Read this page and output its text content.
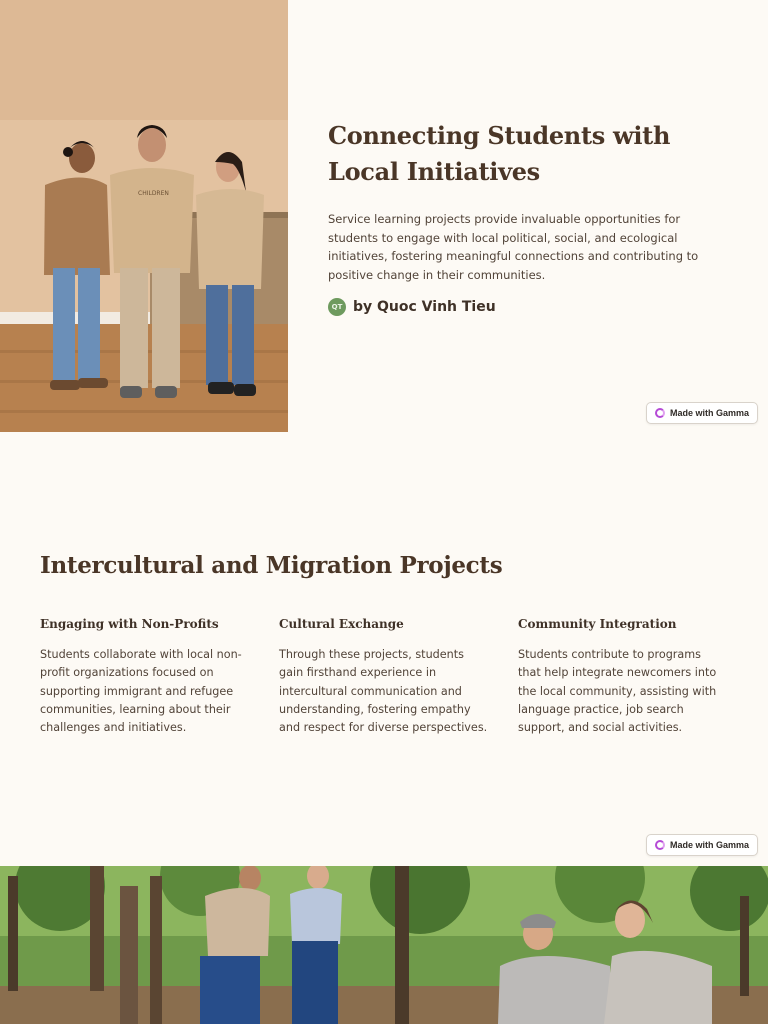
CHILDREN
Connecting Students with Local Initiatives

Service learning projects provide invaluable opportunities for students to engage with local political, social, and ecological initiatives, fostering meaningful connections and contributing to positive change in their communities.

QT by Quoc Vinh Tieu
Made with Gamma
Intercultural and Migration Projects
Engaging with Non-Profits

Students collaborate with local non-profit organizations focused on supporting immigrant and refugee communities, learning about their challenges and initiatives.

Cultural Exchange

Through these projects, students gain firsthand experience in intercultural communication and understanding, fostering empathy and respect for diverse perspectives.

Community Integration

Students contribute to programs that help integrate newcomers into the local community, assisting with language practice, job search support, and social activities.

Made with Gamma
